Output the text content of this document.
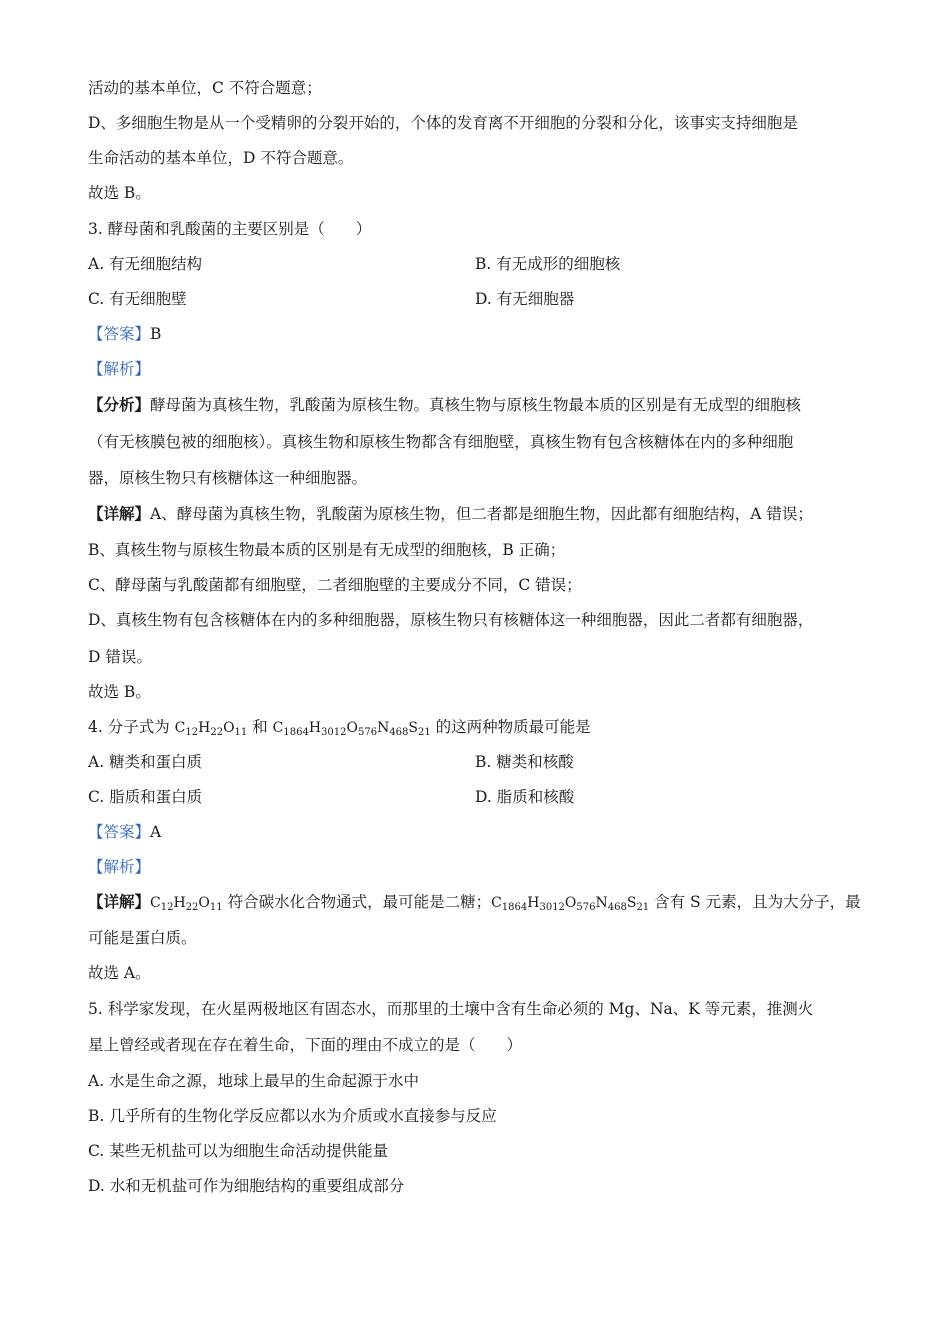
活动的基本单位，C 不符合题意；
D、多细胞生物是从一个受精卵的分裂开始的，个体的发育离不开细胞的分裂和分化，该事实支持细胞是
生命活动的基本单位，D 不符合题意。
故选 B。
3. 酵母菌和乳酸菌的主要区别是（　　）
A. 有无细胞结构	B. 有无成形的细胞核
C. 有无细胞壁	D. 有无细胞器
【答案】B
【解析】
【分析】酵母菌为真核生物，乳酸菌为原核生物。真核生物与原核生物最本质的区别是有无成型的细胞核
（有无核膜包被的细胞核）。真核生物和原核生物都含有细胞壁，真核生物有包含核糖体在内的多种细胞
器，原核生物只有核糖体这一种细胞器。
【详解】A、酵母菌为真核生物，乳酸菌为原核生物，但二者都是细胞生物，因此都有细胞结构，A 错误；
B、真核生物与原核生物最本质的区别是有无成型的细胞核，B 正确；
C、酵母菌与乳酸菌都有细胞壁，二者细胞壁的主要成分不同，C 错误；
D、真核生物有包含核糖体在内的多种细胞器，原核生物只有核糖体这一种细胞器，因此二者都有细胞器，
D 错误。
故选 B。
4. 分子式为 $C_{12}H_{22}O_{11}$ 和 $C_{1864}H_{3012}O_{576}N_{468}S_{21}$ 的这两种物质最可能是
A. 糖类和蛋白质	B. 糖类和核酸
C. 脂质和蛋白质	D. 脂质和核酸
【答案】A
【解析】
【详解】$C_{12}H_{22}O_{11}$ 符合碳水化合物通式，最可能是二糖；$C_{1864}H_{3012}O_{576}N_{468}S_{21}$ 含有 S 元素，且为大分子，最
可能是蛋白质。
故选 A。
5. 科学家发现，在火星两极地区有固态水，而那里的土壤中含有生命必须的 Mg、Na、K 等元素，推测火
星上曾经或者现在存在着生命，下面的理由不成立的是（　　）
A. 水是生命之源，地球上最早的生命起源于水中
B. 几乎所有的生物化学反应都以水为介质或水直接参与反应
C. 某些无机盐可以为细胞生命活动提供能量
D. 水和无机盐可作为细胞结构的重要组成部分
